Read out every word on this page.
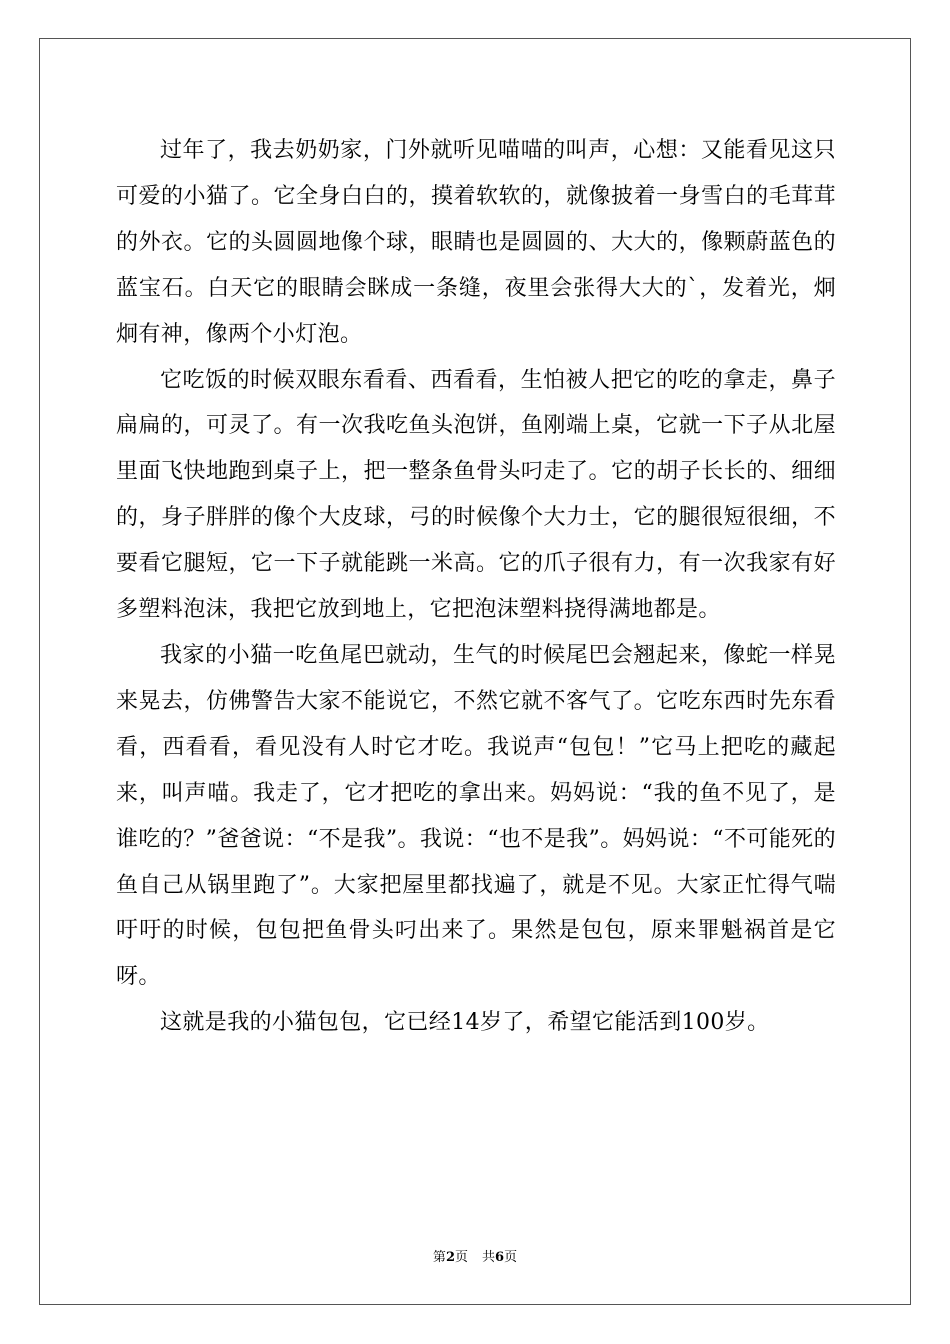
过年了，我去奶奶家，门外就听见喵喵的叫声，心想：又能看见这只可爱的小猫了。它全身白白的，摸着软软的，就像披着一身雪白的毛茸茸的外衣。它的头圆圆地像个球，眼睛也是圆圆的、大大的，像颗蔚蓝色的蓝宝石。白天它的眼睛会眯成一条缝，夜里会张得大大的`，发着光，炯炯有神，像两个小灯泡。

它吃饭的时候双眼东看看、西看看，生怕被人把它的吃的拿走，鼻子扁扁的，可灵了。有一次我吃鱼头泡饼，鱼刚端上桌，它就一下子从北屋里面飞快地跑到桌子上，把一整条鱼骨头叼走了。它的胡子长长的、细细的，身子胖胖的像个大皮球，弓的时候像个大力士，它的腿很短很细，不要看它腿短，它一下子就能跳一米高。它的爪子很有力，有一次我家有好多塑料泡沫，我把它放到地上，它把泡沫塑料挠得满地都是。

我家的小猫一吃鱼尾巴就动，生气的时候尾巴会翘起来，像蛇一样晃来晃去，仿佛警告大家不能说它，不然它就不客气了。它吃东西时先东看看，西看看，看见没有人时它才吃。我说声“包包！”它马上把吃的藏起来，叫声喵。我走了，它才把吃的拿出来。妈妈说：“我的鱼不见了，是谁吃的？”爸爸说：“不是我”。我说：“也不是我”。妈妈说：“不可能死的鱼自己从锅里跑了”。大家把屋里都找遍了，就是不见。大家正忙得气喘吁吁的时候，包包把鱼骨头叼出来了。果然是包包，原来罪魁祸首是它呀。

这就是我的小猫包包，它已经14岁了，希望它能活到100岁。

第2页 共6页
